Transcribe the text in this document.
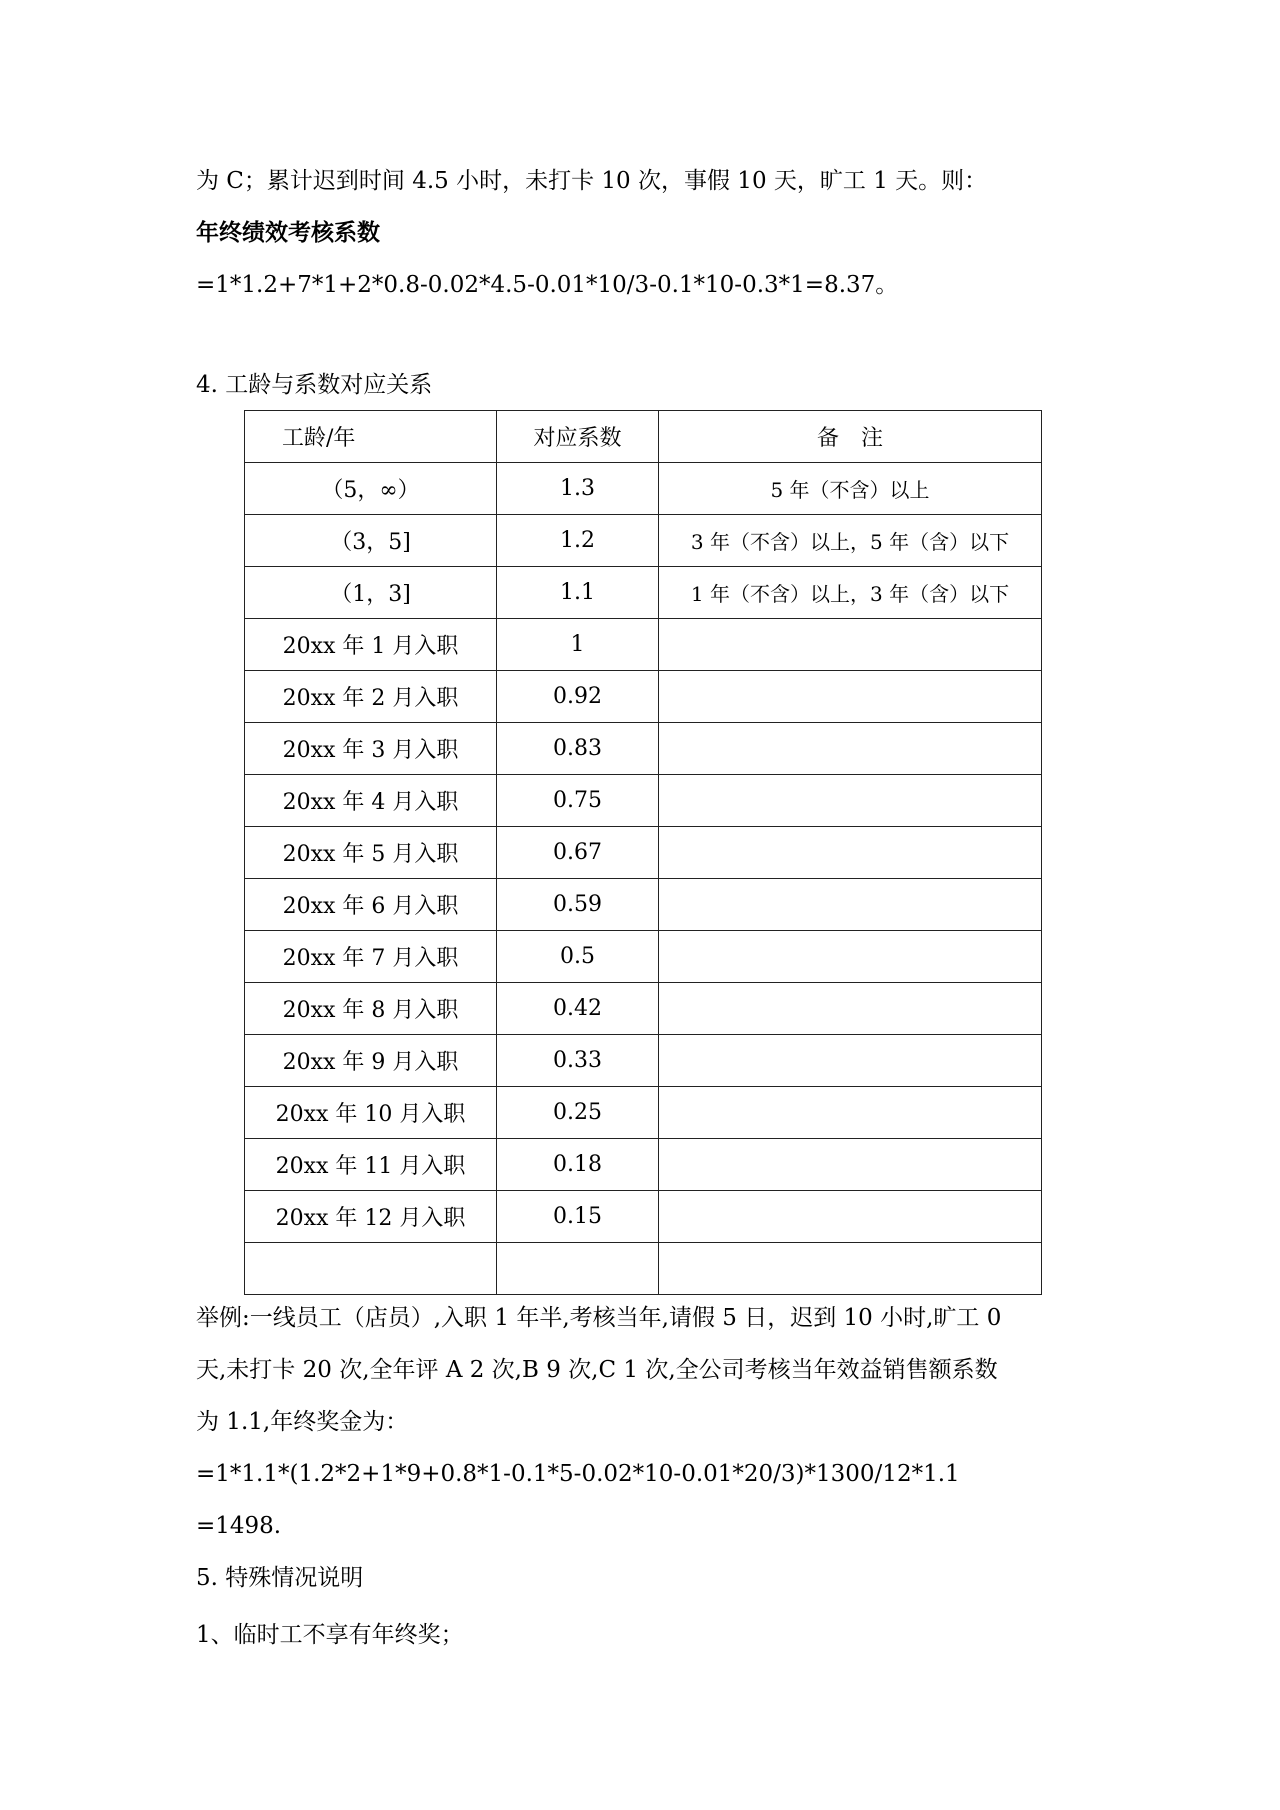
为 C；累计迟到时间 4.5 小时，未打卡 10 次，事假 10 天，旷工 1 天。则：
年终绩效考核系数
=1*1.2+7*1+2*0.8-0.02*4.5-0.01*10/3-0.1*10-0.3*1=8.37。
4. 工龄与系数对应关系
工龄/年	对应系数	备　注
（5，∞）	1.3	5 年（不含）以上
（3，5]	1.2	3 年（不含）以上，5 年（含）以下
（1，3]	1.1	1 年（不含）以上，3 年（含）以下
20xx 年 1 月入职	1	
20xx 年 2 月入职	0.92	
20xx 年 3 月入职	0.83	
20xx 年 4 月入职	0.75	
20xx 年 5 月入职	0.67	
20xx 年 6 月入职	0.59	
20xx 年 7 月入职	0.5	
20xx 年 8 月入职	0.42	
20xx 年 9 月入职	0.33	
20xx 年 10 月入职	0.25	
20xx 年 11 月入职	0.18	
20xx 年 12 月入职	0.15	

举例:一线员工（店员）,入职 1 年半,考核当年,请假 5 日，迟到 10 小时,旷工 0
天,未打卡 20 次,全年评 A 2 次,B 9 次,C 1 次,全公司考核当年效益销售额系数
为 1.1,年终奖金为：
=1*1.1*(1.2*2+1*9+0.8*1-0.1*5-0.02*10-0.01*20/3)*1300/12*1.1
=1498.
5. 特殊情况说明
1、临时工不享有年终奖；
